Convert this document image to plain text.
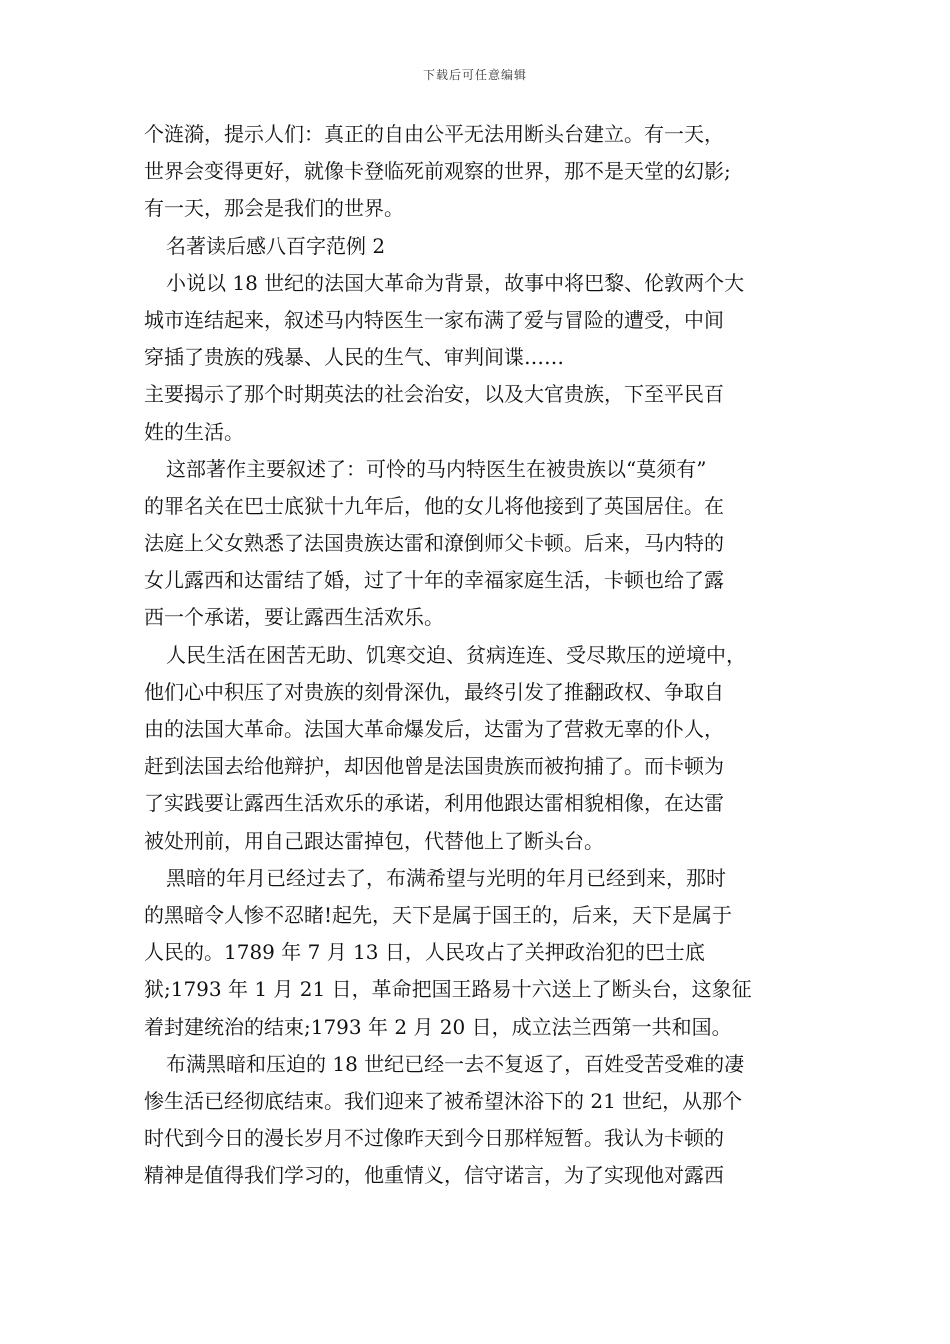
下载后可任意编辑
个涟漪，提示人们：真正的自由公平无法用断头台建立。有一天，
世界会变得更好，就像卡登临死前观察的世界，那不是天堂的幻影;
有一天，那会是我们的世界。
名著读后感八百字范例 2
小说以 18 世纪的法国大革命为背景，故事中将巴黎、伦敦两个大
城市连结起来，叙述马内特医生一家布满了爱与冒险的遭受，中间
穿插了贵族的残暴、人民的生气、审判间谍……
主要揭示了那个时期英法的社会治安，以及大官贵族，下至平民百
姓的生活。
这部著作主要叙述了：可怜的马内特医生在被贵族以“莫须有”
的罪名关在巴士底狱十九年后，他的女儿将他接到了英国居住。在
法庭上父女熟悉了法国贵族达雷和潦倒师父卡顿。后来，马内特的
女儿露西和达雷结了婚，过了十年的幸福家庭生活，卡顿也给了露
西一个承诺，要让露西生活欢乐。
人民生活在困苦无助、饥寒交迫、贫病连连、受尽欺压的逆境中，
他们心中积压了对贵族的刻骨深仇，最终引发了推翻政权、争取自
由的法国大革命。法国大革命爆发后，达雷为了营救无辜的仆人，
赶到法国去给他辩护，却因他曾是法国贵族而被拘捕了。而卡顿为
了实践要让露西生活欢乐的承诺，利用他跟达雷相貌相像，在达雷
被处刑前，用自己跟达雷掉包，代替他上了断头台。
黑暗的年月已经过去了，布满希望与光明的年月已经到来，那时
的黑暗令人惨不忍睹!起先，天下是属于国王的，后来，天下是属于
人民的。1789 年 7 月 13 日，人民攻占了关押政治犯的巴士底
狱;1793 年 1 月 21 日，革命把国王路易十六送上了断头台，这象征
着封建统治的结束;1793 年 2 月 20 日，成立法兰西第一共和国。
布满黑暗和压迫的 18 世纪已经一去不复返了，百姓受苦受难的凄
惨生活已经彻底结束。我们迎来了被希望沐浴下的 21 世纪，从那个
时代到今日的漫长岁月不过像昨天到今日那样短暂。我认为卡顿的
精神是值得我们学习的，他重情义，信守诺言，为了实现他对露西
